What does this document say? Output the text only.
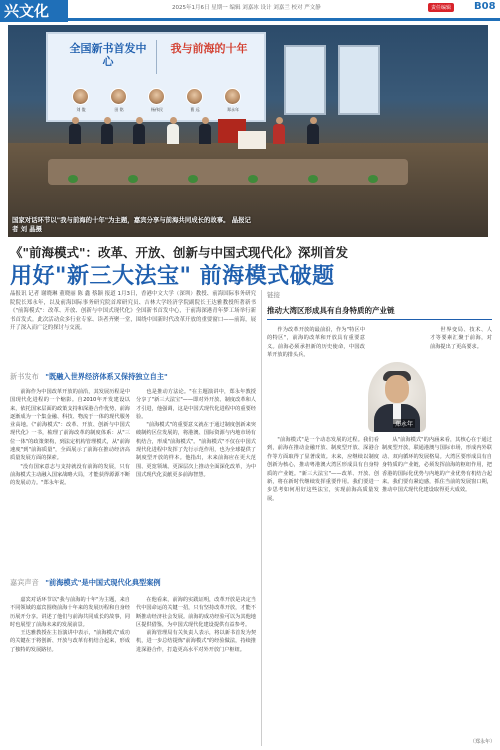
兴文化	2025年1月6日 星期一 编辑 刘嘉冰 设计 刘嘉兰 校对 严文静	责任编辑	B08
全国新书首发中心
我与前海的十年
刘 俊	田 铭	杨伟民	曹 远	郑永年
国家对话环节以"我与前海的十年"为主题，嘉宾分享与前海共同成长的故事。 晶报记者 刘 晶摄
《"前海模式"：改革、开放、创新与中国式现代化》深圳首发
用好"新三大法宝" 前海模式破题
晶报讯 记者 谢晓琳 董晓丽 陈 鑫 蔡颖 报道 1月3日，香港中文大学（深圳）教授、前海国际事务研究院院长郑永年，以及前海国际事务研究院首席研究员、吉林大学经济学院副院长王达雅教授所著新书《"前海模式"：改革、开放、创新与中国式现代化》全国新书首发中心，于前海深港青年梦工场举行新书首发式。此次活动众多行业专家、读者齐聚一堂，围绕中国新时代改革开放的重要窗口——前海，展开了深入而广泛的探讨与交流。
新书发布 "既融入世界经济体系又保持独立自主"

前海作为中国改革开放的前沿，其发展历程是中国现代化进程的一个缩影。自2010年开发建设以来，依托国家层面的政策支持和深港合作优势，前海逐渐成为一个集金融、科技、物流于一体的现代服务业高地。《"前海模式"：改革、开放、创新与中国式现代化》一书，梳理了前海改革的制度体系：从"三位一体"的政策架构，到法定机构管理模式，从"前海速度"到"前海质量"，全面展示了前海在推动经济高质量发展方面的探索。

"没有国家意志与支持就没有前海的发展，只有前海模式主动融入国家战略大局，才能获得源源不断的发展动力。"郑永年说。

也是推动方法论。"在主题演讲中，郑永年教授分享了"新三大法宝"——即对外开放、制度改革和人才引进，他强调，这是中国式现代化进程中的重要经验。

"前海模式"的重要意义就在于通过制度创新来突破制约区位发展的，将港澳、国际资源与内地市场有机结合，形成"前海模式"。"前海模式"不仅在中国式现代化进程中发挥了先行示范作用，也为全球提供了制度型开放的样本。他指出，未来前海应在更大范围、更宽领域、更深层次上推动全面深化改革，为中国式现代化贡献更多前海智慧。

嘉宾声音 "前海模式"是中国式现代化典型案例

嘉宾对话环节以"我与前海的十年"为主题，来自不同领域的嘉宾围绕前海十年来的发展历程和自身经历展开分享。讲述了他们与前海共同成长的故事，同时也展望了前海未来的发展前景。

王达雅教授在主旨演讲中表示，"前海模式"成功的关键在于将创新、开放与改革有机结合起来，形成了独特的发展路径。

在他看来，前海的实践证明，改革开放是决定当代中国命运的关键一招，只有坚持改革开放，才能不断推动经济社会发展。前海的成功经验可以为其他地区提供借鉴，为中国式现代化建设提供有益参考。

前海管理局有关负责人表示，将以新书首发为契机，进一步总结提炼"前海模式"的经验做法，持续推进深港合作，打造更高水平对外开放门户枢纽。

链接
推动大湾区形成具有自身特质的产业链
郑永年

作为改革开放的最前沿，作为"特区中的特区"，前海的改革和开放具有重要意义。前海必须承担新的历史使命，中国改革开放的排头兵。

世界变局、技术、人才等要素汇聚于前海，对前海提出了更高要求。

"前海模式"是一个动态发展的过程。我们看到，前海在推动金融开放、制度型开放、深港合作等方面取得了显著成效。未来，应继续以制度创新为核心，推动粤港澳大湾区形成具有自身特质的产业链。"新三大法宝"——改革、开放、创新，将在新时代继续发挥重要作用。我们要进一步思考如何用好这些法宝，实现前海高质量发展。

从"前海模式"的内涵来看，其核心在于通过制度型开放，联通港澳与国际市场，形成内外联动、双向循环的发展格局。大湾区要形成具有自身特质的产业链，必须发挥前海的枢纽作用，把香港的国际化优势与内地的产业优势有机结合起来。我们要有紧迫感，抓住当前的发展窗口期，推动中国式现代化建设取得更大成效。

（郑永年）
